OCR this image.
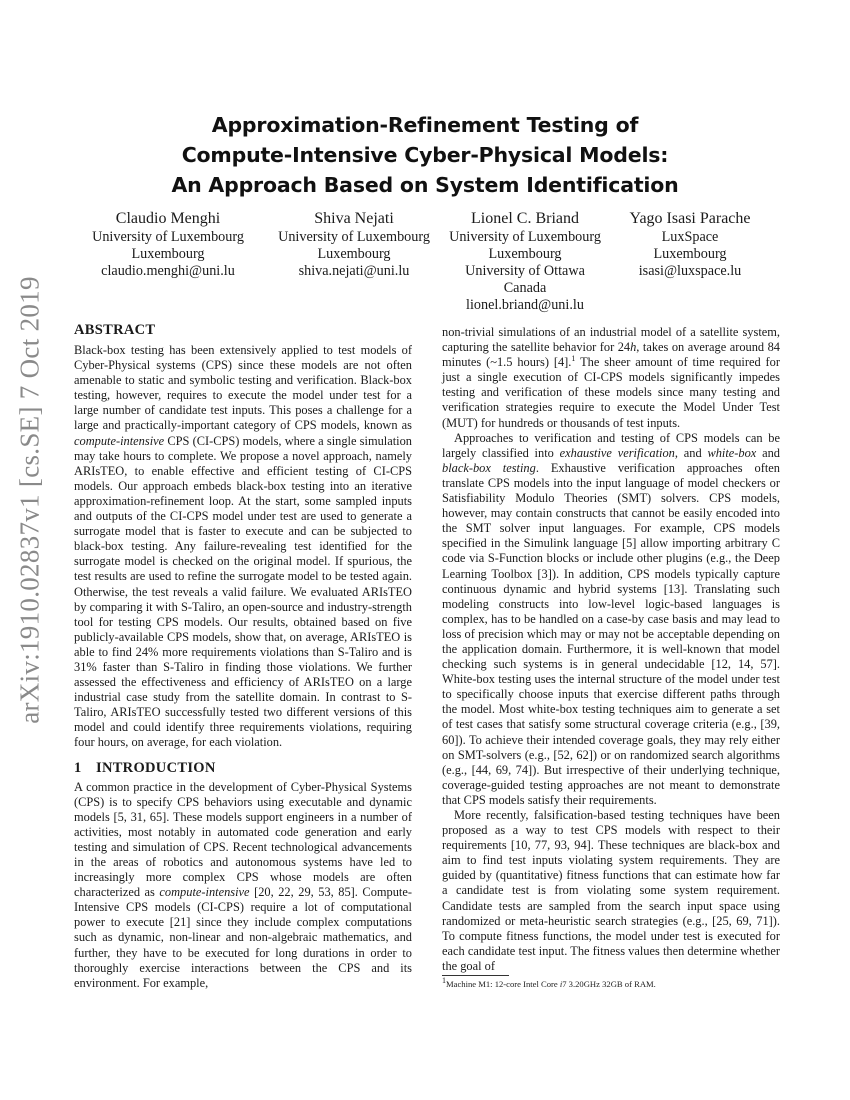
arXiv:1910.02837v1 [cs.SE] 7 Oct 2019
Approximation-Refinement Testing of
Compute-Intensive Cyber-Physical Models:
An Approach Based on System Identification
Claudio Menghi
University of Luxembourg
Luxembourg
claudio.menghi@uni.lu
Shiva Nejati
University of Luxembourg
Luxembourg
shiva.nejati@uni.lu
Lionel C. Briand
University of Luxembourg
Luxembourg
University of Ottawa
Canada
lionel.briand@uni.lu
Yago Isasi Parache
LuxSpace
Luxembourg
isasi@luxspace.lu
ABSTRACT

Black-box testing has been extensively applied to test models of Cyber-Physical systems (CPS) since these models are not often amenable to static and symbolic testing and verification. Black-box testing, however, requires to execute the model under test for a large number of candidate test inputs. This poses a challenge for a large and practically-important category of CPS models, known as compute-intensive CPS (CI-CPS) models, where a single simulation may take hours to complete. We propose a novel approach, namely ARIsTEO, to enable effective and efficient testing of CI-CPS models. Our approach embeds black-box testing into an iterative approximation-refinement loop. At the start, some sampled inputs and outputs of the CI-CPS model under test are used to generate a surrogate model that is faster to execute and can be subjected to black-box testing. Any failure-revealing test identified for the surrogate model is checked on the original model. If spurious, the test results are used to refine the surrogate model to be tested again. Otherwise, the test reveals a valid failure. We evaluated ARIsTEO by comparing it with S-Taliro, an open-source and industry-strength tool for testing CPS models. Our results, obtained based on five publicly-available CPS models, show that, on average, ARIsTEO is able to find 24% more requirements violations than S-Taliro and is 31% faster than S-Taliro in finding those violations. We further assessed the effectiveness and efficiency of ARIsTEO on a large industrial case study from the satellite domain. In contrast to S-Taliro, ARIsTEO successfully tested two different versions of this model and could identify three requirements violations, requiring four hours, on average, for each violation.

1 INTRODUCTION

A common practice in the development of Cyber-Physical Systems (CPS) is to specify CPS behaviors using executable and dynamic models [5, 31, 65]. These models support engineers in a number of activities, most notably in automated code generation and early testing and simulation of CPS. Recent technological advancements in the areas of robotics and autonomous systems have led to increasingly more complex CPS whose models are often characterized as compute-intensive [20, 22, 29, 53, 85]. Compute-Intensive CPS models (CI-CPS) require a lot of computational power to execute [21] since they include complex computations such as dynamic, non-linear and non-algebraic mathematics, and further, they have to be executed for long durations in order to thoroughly exercise interactions between the CPS and its environment. For example,

non-trivial simulations of an industrial model of a satellite system, capturing the satellite behavior for 24h, takes on average around 84 minutes (~1.5 hours) [4].$^1$ The sheer amount of time required for just a single execution of CI-CPS models significantly impedes testing and verification of these models since many testing and verification strategies require to execute the Model Under Test (MUT) for hundreds or thousands of test inputs.

Approaches to verification and testing of CPS models can be largely classified into exhaustive verification, and white-box and black-box testing. Exhaustive verification approaches often translate CPS models into the input language of model checkers or Satisfiability Modulo Theories (SMT) solvers. CPS models, however, may contain constructs that cannot be easily encoded into the SMT solver input languages. For example, CPS models specified in the Simulink language [5] allow importing arbitrary C code via S-Function blocks or include other plugins (e.g., the Deep Learning Toolbox [3]). In addition, CPS models typically capture continuous dynamic and hybrid systems [13]. Translating such modeling constructs into low-level logic-based languages is complex, has to be handled on a case-by case basis and may lead to loss of precision which may or may not be acceptable depending on the application domain. Furthermore, it is well-known that model checking such systems is in general undecidable [12, 14, 57]. White-box testing uses the internal structure of the model under test to specifically choose inputs that exercise different paths through the model. Most white-box testing techniques aim to generate a set of test cases that satisfy some structural coverage criteria (e.g., [39, 60]). To achieve their intended coverage goals, they may rely either on SMT-solvers (e.g., [52, 62]) or on randomized search algorithms (e.g., [44, 69, 74]). But irrespective of their underlying technique, coverage-guided testing approaches are not meant to demonstrate that CPS models satisfy their requirements.

More recently, falsification-based testing techniques have been proposed as a way to test CPS models with respect to their requirements [10, 77, 93, 94]. These techniques are black-box and aim to find test inputs violating system requirements. They are guided by (quantitative) fitness functions that can estimate how far a candidate test is from violating some system requirement. Candidate tests are sampled from the search input space using randomized or meta-heuristic search strategies (e.g., [25, 69, 71]). To compute fitness functions, the model under test is executed for each candidate test input. The fitness values then determine whether the goal of

$^1$Machine M1: 12-core Intel Core i7 3.20GHz 32GB of RAM.
